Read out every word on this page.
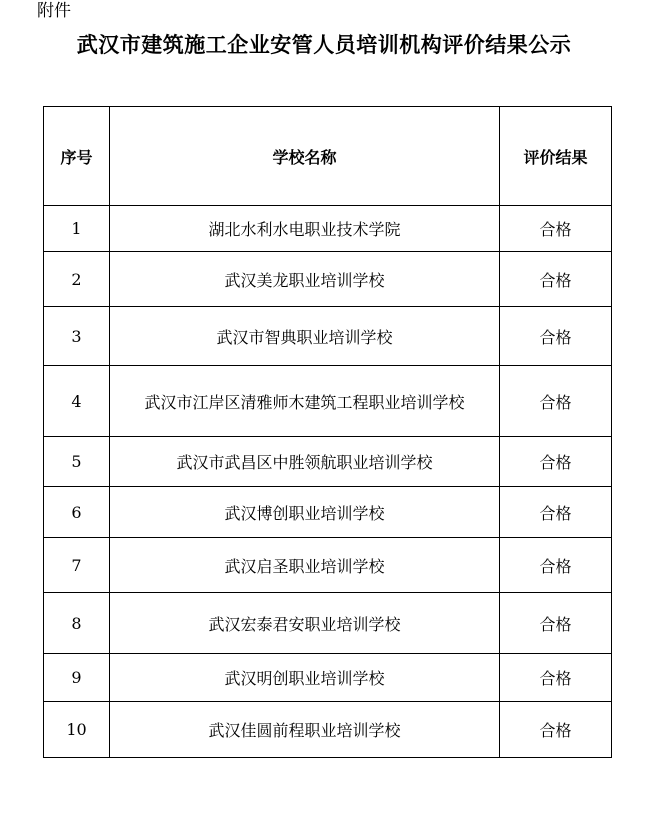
附件
武汉市建筑施工企业安管人员培训机构评价结果公示
序号	学校名称	评价结果
1	湖北水利水电职业技术学院	合格
2	武汉美龙职业培训学校	合格
3	武汉市智典职业培训学校	合格
4	武汉市江岸区清雅师木建筑工程职业培训学校	合格
5	武汉市武昌区中胜领航职业培训学校	合格
6	武汉博创职业培训学校	合格
7	武汉启圣职业培训学校	合格
8	武汉宏泰君安职业培训学校	合格
9	武汉明创职业培训学校	合格
10	武汉佳圆前程职业培训学校	合格
